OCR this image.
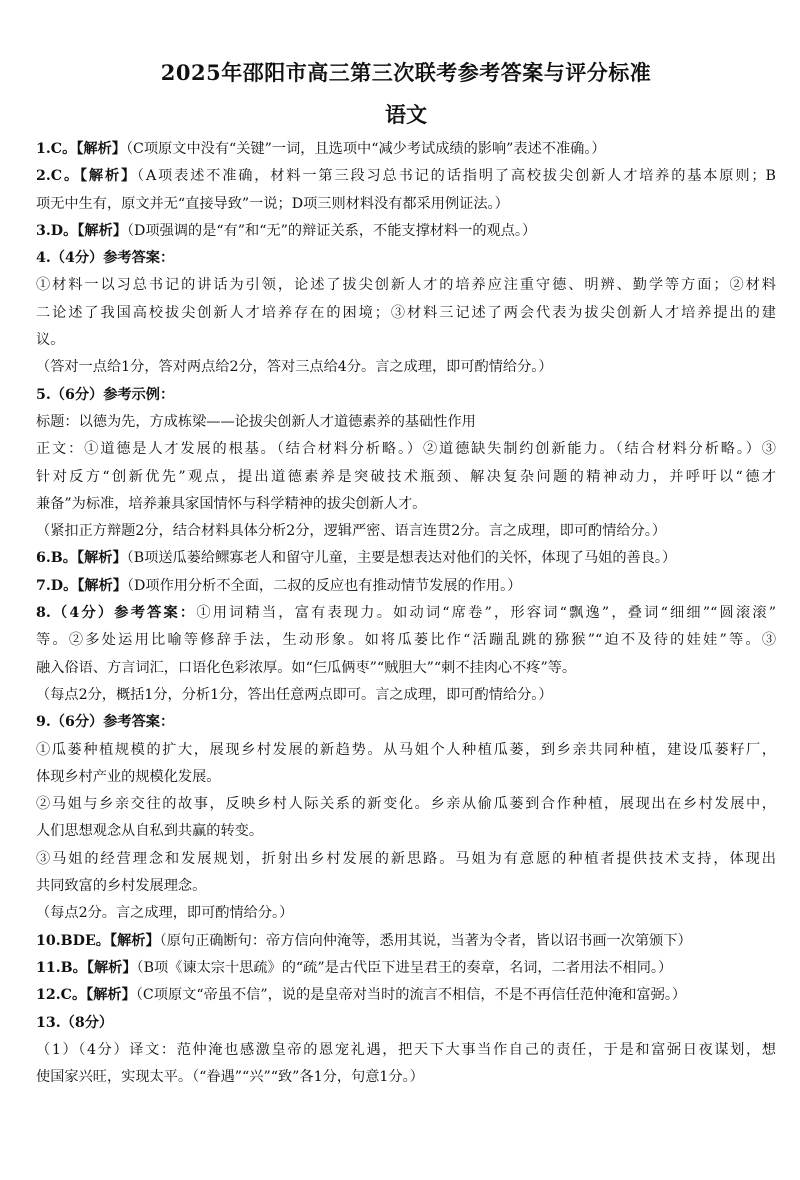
2025年邵阳市高三第三次联考参考答案与评分标准
语文
1.C。【解析】（C项原文中没有“关键”一词，且选项中“减少考试成绩的影响”表述不准确。）
2.C。【解析】（A项表述不准确，材料一第三段习总书记的话指明了高校拔尖创新人才培养的基本原则；B
项无中生有，原文并无“直接导致”一说；D项三则材料没有都采用例证法。）
3.D。【解析】（D项强调的是“有”和“无”的辩证关系，不能支撑材料一的观点。）
4.（4分）参考答案：
①材料一以习总书记的讲话为引领，论述了拔尖创新人才的培养应注重守德、明辨、勤学等方面；②材料
二论述了我国高校拔尖创新人才培养存在的困境；③材料三记述了两会代表为拔尖创新人才培养提出的建
议。
（答对一点给1分，答对两点给2分，答对三点给4分。言之成理，即可酌情给分。）
5.（6分）参考示例：
标题：以德为先，方成栋梁——论拔尖创新人才道德素养的基础性作用
正文：①道德是人才发展的根基。（结合材料分析略。）②道德缺失制约创新能力。（结合材料分析略。）③
针对反方“创新优先”观点，提出道德素养是突破技术瓶颈、解决复杂问题的精神动力，并呼吁以“德才
兼备”为标准，培养兼具家国情怀与科学精神的拔尖创新人才。
（紧扣正方辩题2分，结合材料具体分析2分，逻辑严密、语言连贯2分。言之成理，即可酌情给分。）
6.B。【解析】（B项送瓜蒌给鳏寡老人和留守儿童，主要是想表达对他们的关怀，体现了马姐的善良。）
7.D。【解析】（D项作用分析不全面，二叔的反应也有推动情节发展的作用。）
8.（4分）参考答案：①用词精当，富有表现力。如动词“席卷”，形容词“飘逸”，叠词“细细”“圆滚滚”
等。②多处运用比喻等修辞手法，生动形象。如将瓜蒌比作“活蹦乱跳的猕猴”“迫不及待的娃娃”等。③
融入俗语、方言词汇，口语化色彩浓厚。如“仨瓜俩枣”“贼胆大”“刺不挂肉心不疼”等。
（每点2分，概括1分，分析1分，答出任意两点即可。言之成理，即可酌情给分。）
9.（6分）参考答案：
①瓜蒌种植规模的扩大，展现乡村发展的新趋势。从马姐个人种植瓜蒌，到乡亲共同种植，建设瓜蒌籽厂，
体现乡村产业的规模化发展。
②马姐与乡亲交往的故事，反映乡村人际关系的新变化。乡亲从偷瓜蒌到合作种植，展现出在乡村发展中，
人们思想观念从自私到共赢的转变。
③马姐的经营理念和发展规划，折射出乡村发展的新思路。马姐为有意愿的种植者提供技术支持，体现出
共同致富的乡村发展理念。
（每点2分。言之成理，即可酌情给分。）
10.BDE。【解析】（原句正确断句：帝方信向仲淹等，悉用其说，当著为令者，皆以诏书画一次第颁下）
11.B。【解析】（B项《谏太宗十思疏》的“疏”是古代臣下进呈君王的奏章，名词，二者用法不相同。）
12.C。【解析】（C项原文“帝虽不信”，说的是皇帝对当时的流言不相信，不是不再信任范仲淹和富弼。）
13.（8分）
（1）（4分）译文：范仲淹也感激皇帝的恩宠礼遇，把天下大事当作自己的责任，于是和富弼日夜谋划，想
使国家兴旺，实现太平。（“眷遇”“兴”“致”各1分，句意1分。）
